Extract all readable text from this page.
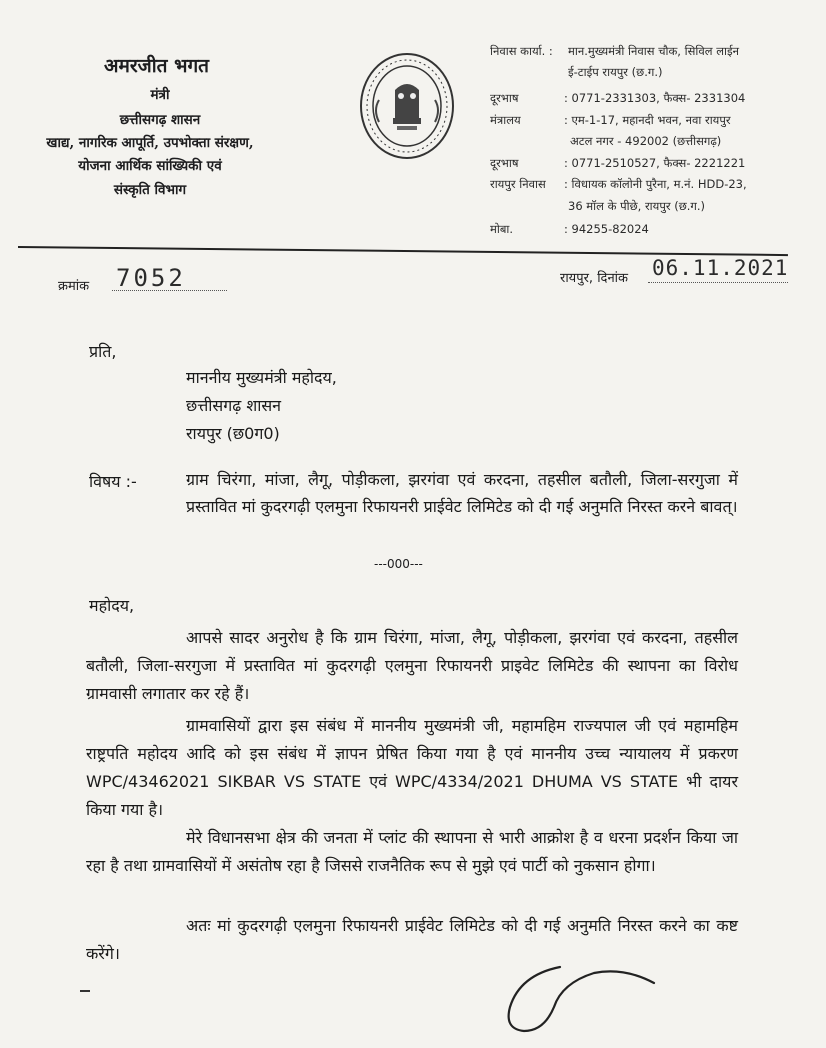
अमरजीत भगत
मंत्री
छत्तीसगढ़ शासन
खाद्य, नागरिक आपूर्ति, उपभोक्ता संरक्षण,
योजना आर्थिक सांख्यिकी एवं
संस्कृति विभाग
निवास कार्या. : मान.मुख्यमंत्री निवास चौक, सिविल लाईन
ई-टाईप रायपुर (छ.ग.)
दूरभाष	: 0771-2331303, फैक्स- 2331304
मंत्रालय	: एम-1-17, महानदी भवन, नवा रायपुर
अटल नगर - 492002 (छत्तीसगढ़)
दूरभाष	: 0771-2510527, फैक्स- 2221221
रायपुर निवास : विधायक कॉलोनी पुरैना, म.नं. HDD-23,
36 मॉल के पीछे, रायपुर (छ.ग.)
मोबा.	: 94255-82024
क्रमांक 7052	रायपुर, दिनांक 06.11.2021
प्रति,
माननीय मुख्यमंत्री महोदय,
छत्तीसगढ़ शासन
रायपुर (छ0ग0)
विषय :-	ग्राम चिरंगा, मांजा, लैगू, पोड़ीकला, झरगंवा एवं करदना, तहसील बतौली, जिला-सरगुजा में प्रस्तावित मां कुदरगढ़ी एलमुना रिफायनरी प्राईवेट लिमिटेड को दी गई अनुमति निरस्त करने बावत्।
---000---
महोदय,
आपसे सादर अनुरोध है कि ग्राम चिरंगा, मांजा, लैगू, पोड़ीकला, झरगंवा एवं करदना, तहसील बतौली, जिला-सरगुजा में प्रस्तावित मां कुदरगढ़ी एलमुना रिफायनरी प्राइवेट लिमिटेड की स्थापना का विरोध ग्रामवासी लगातार कर रहे हैं।
ग्रामवासियों द्वारा इस संबंध में माननीय मुख्यमंत्री जी, महामहिम राज्यपाल जी एवं महामहिम राष्ट्रपति महोदय आदि को इस संबंध में ज्ञापन प्रेषित किया गया है एवं माननीय उच्च न्यायालय में प्रकरण WPC/43462021 SIKBAR VS STATE एवं WPC/4334/2021 DHUMA VS STATE भी दायर किया गया है।
मेरे विधानसभा क्षेत्र की जनता में प्लांट की स्थापना से भारी आक्रोश है व धरना प्रदर्शन किया जा रहा है तथा ग्रामवासियों में असंतोष रहा है जिससे राजनैतिक रूप से मुझे एवं पार्टी को नुकसान होगा।
अतः मां कुदरगढ़ी एलमुना रिफायनरी प्राईवेट लिमिटेड को दी गई अनुमति निरस्त करने का कष्ट करेंगे।
